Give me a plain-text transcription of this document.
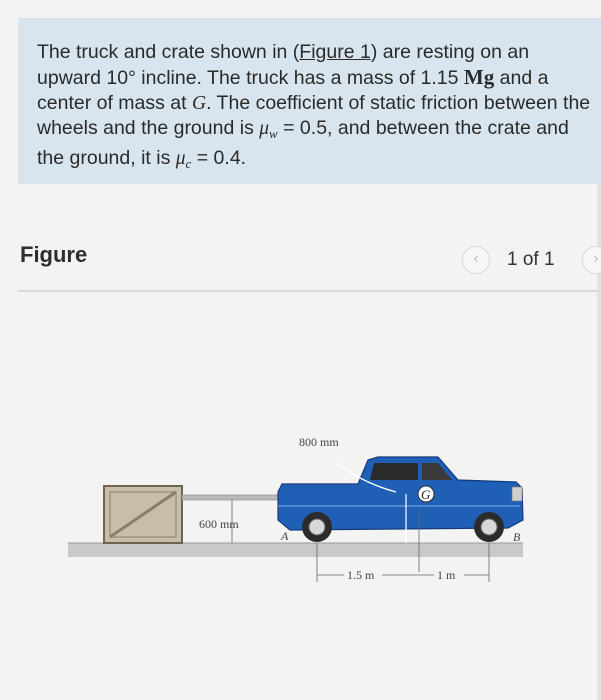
The truck and crate shown in (Figure 1) are resting on an upward 10° incline. The truck has a mass of 1.15 Mg and a center of mass at G. The coefficient of static friction between the wheels and the ground is $\mu_w = 0.5$, and between the crate and the ground, it is $\mu_c = 0.4$.

Figure	‹	1 of 1	›
600 mm
G
800 mm
A	B
1.5 m	1 m
